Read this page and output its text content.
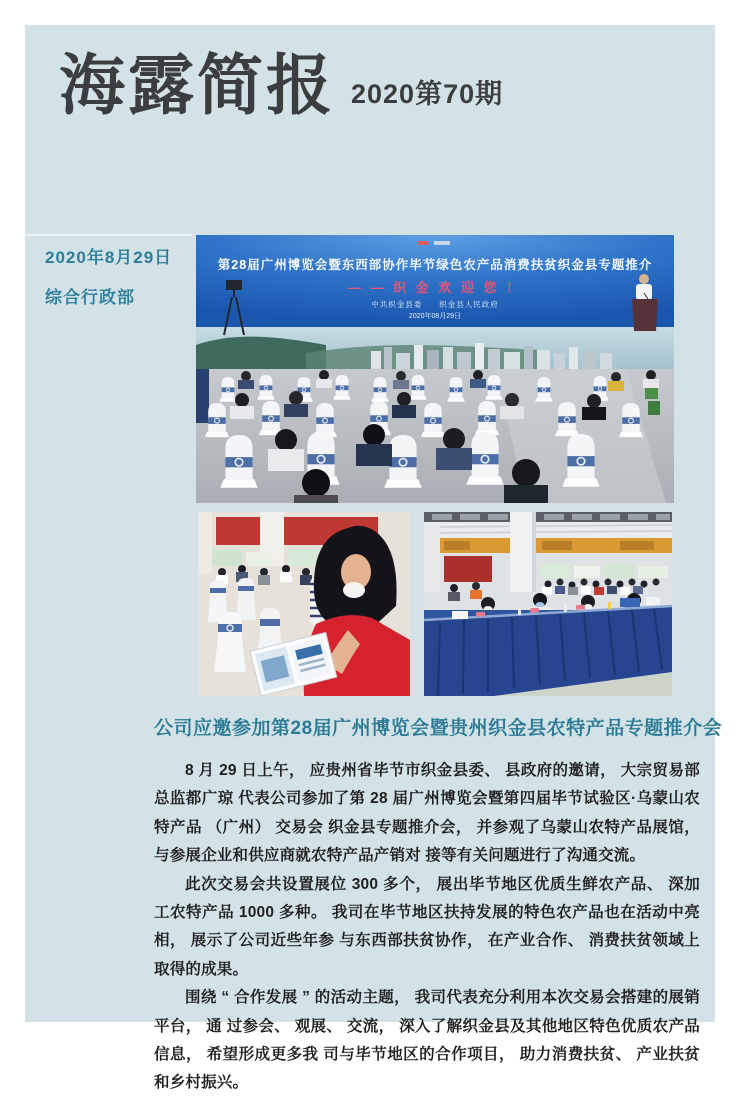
海露简报 2020第70期
2020年8月29日
综合行政部
第28届广州博览会暨东西部协作毕节绿色农产品消费扶贫织金县专题推介
— — 织 金 欢 迎 您 ！
中共织金县委　　织金县人民政府
2020年08月29日
公司应邀参加第28届广州博览会暨贵州织金县农特产品专题推介会

8 月 29 日上午， 应贵州省毕节市织金县委、 县政府的邀请， 大宗贸易部总监都广琼 代表公司参加了第 28 届广州博览会暨第四届毕节试验区·乌蒙山农特产品 （广州） 交易会 织金县专题推介会， 并参观了乌蒙山农特产品展馆， 与参展企业和供应商就农特产品产销对 接等有关问题进行了沟通交流。

此次交易会共设置展位 300 多个， 展出毕节地区优质生鲜农产品、 深加工农特产品 1000 多种。 我司在毕节地区扶持发展的特色农产品也在活动中亮相， 展示了公司近些年参 与东西部扶贫协作， 在产业合作、 消费扶贫领域上取得的成果。

围绕 “ 合作发展 ” 的活动主题， 我司代表充分利用本次交易会搭建的展销平台， 通 过参会、 观展、 交流， 深入了解织金县及其他地区特色优质农产品信息， 希望形成更多我 司与毕节地区的合作项目， 助力消费扶贫、 产业扶贫和乡村振兴。
